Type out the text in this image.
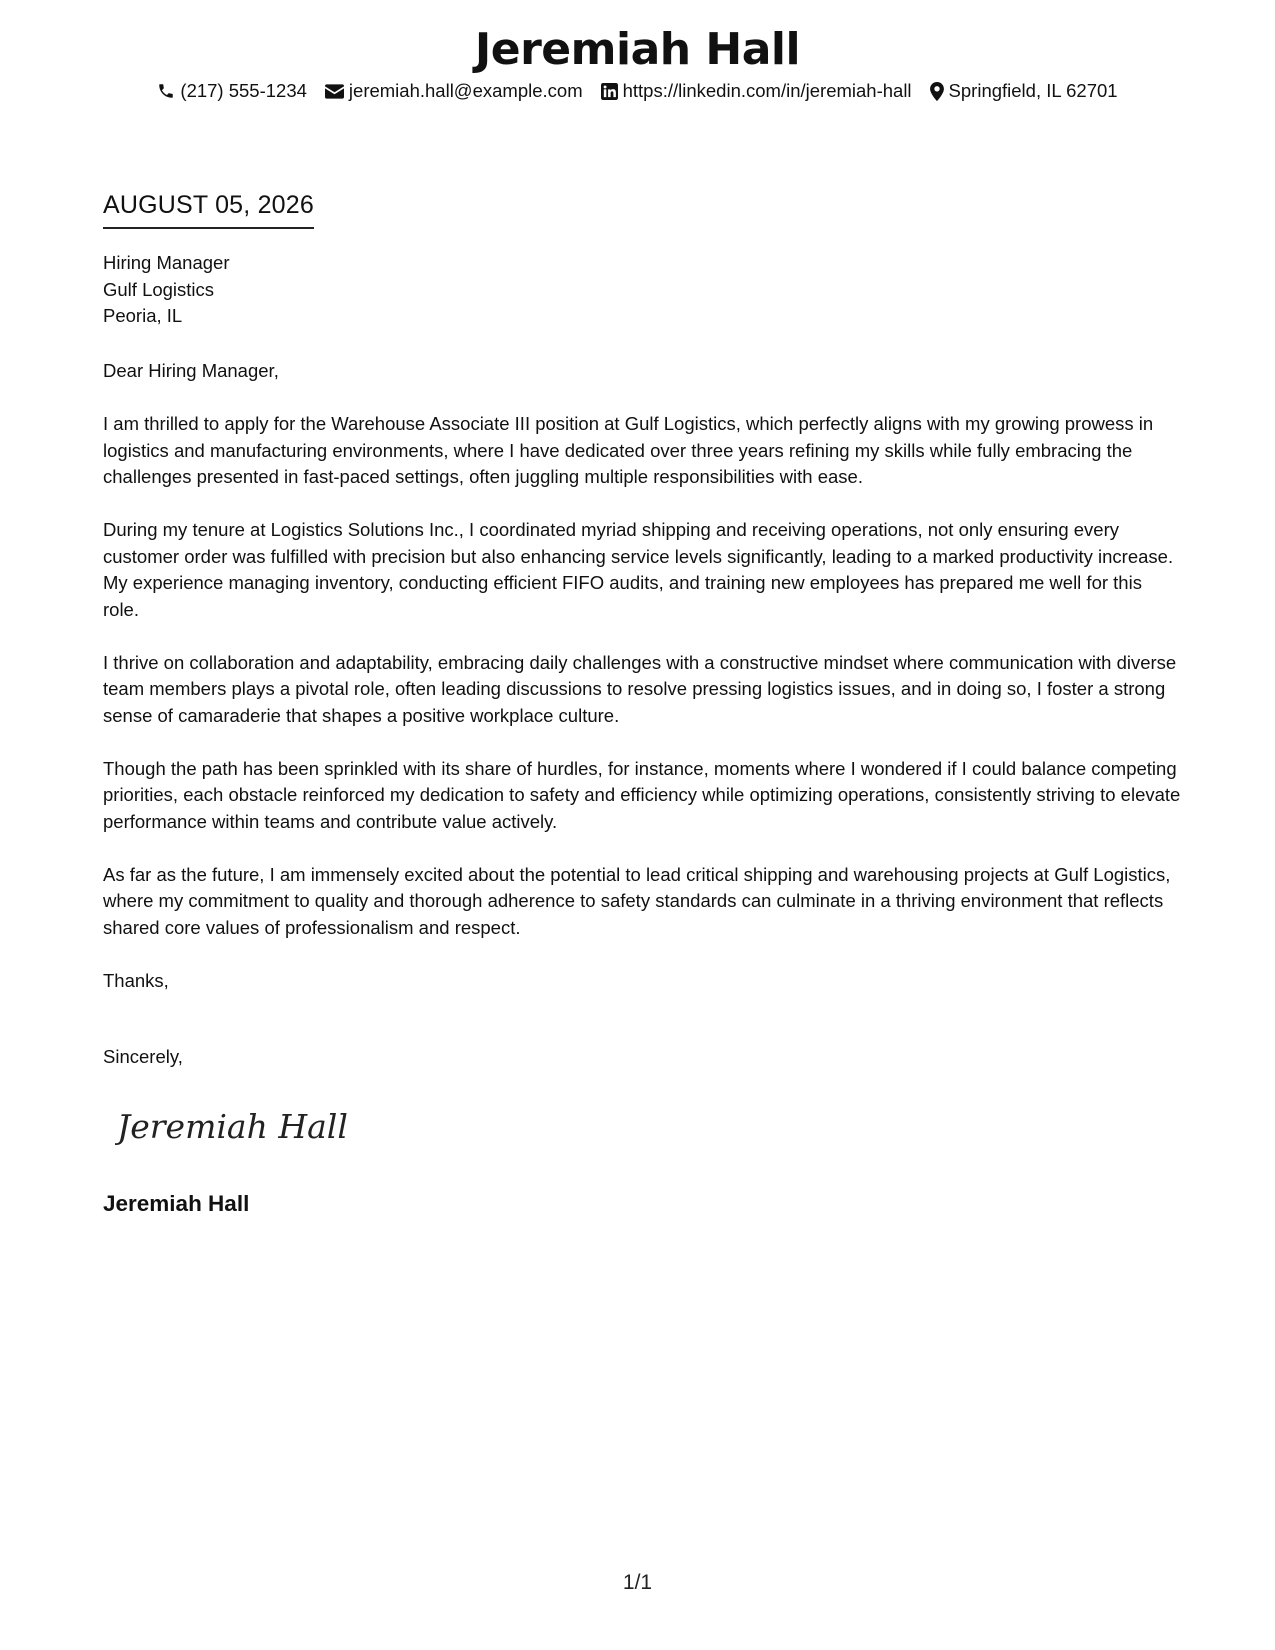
Jeremiah Hall
(217) 555-1234 jeremiah.hall@example.com https://linkedin.com/in/jeremiah-hall Springfield, IL 62701
AUGUST 05, 2026
Hiring Manager
Gulf Logistics
Peoria, IL

Dear Hiring Manager,

I am thrilled to apply for the Warehouse Associate III position at Gulf Logistics, which perfectly aligns with my growing prowess in logistics and manufacturing environments, where I have dedicated over three years refining my skills while fully embracing the challenges presented in fast-paced settings, often juggling multiple responsibilities with ease.

During my tenure at Logistics Solutions Inc., I coordinated myriad shipping and receiving operations, not only ensuring every customer order was fulfilled with precision but also enhancing service levels significantly, leading to a marked productivity increase. My experience managing inventory, conducting efficient FIFO audits, and training new employees has prepared me well for this role.

I thrive on collaboration and adaptability, embracing daily challenges with a constructive mindset where communication with diverse team members plays a pivotal role, often leading discussions to resolve pressing logistics issues, and in doing so, I foster a strong sense of camaraderie that shapes a positive workplace culture.

Though the path has been sprinkled with its share of hurdles, for instance, moments where I wondered if I could balance competing priorities, each obstacle reinforced my dedication to safety and efficiency while optimizing operations, consistently striving to elevate performance within teams and contribute value actively.

As far as the future, I am immensely excited about the potential to lead critical shipping and warehousing projects at Gulf Logistics, where my commitment to quality and thorough adherence to safety standards can culminate in a thriving environment that reflects shared core values of professionalism and respect.

Thanks,

Sincerely,
Jeremiah Hall
Jeremiah Hall
1/1
